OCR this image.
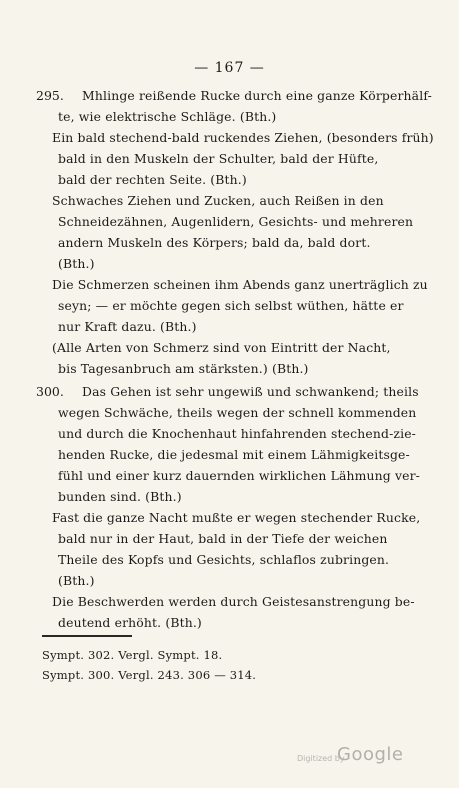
— 167 —
295.	Mhlinge reißende Rucke durch eine ganze Körperhälf-
te, wie elektrische Schläge. (Bth.)
Ein bald stechend-bald ruckendes Ziehen, (besonders früh)
bald in den Muskeln der Schulter, bald der Hüfte,
bald der rechten Seite. (Bth.)
Schwaches Ziehen und Zucken, auch Reißen in den
Schneidezähnen, Augenlidern, Gesichts- und mehreren
andern Muskeln des Körpers; bald da, bald dort.
(Bth.)
Die Schmerzen scheinen ihm Abends ganz unerträglich zu
seyn; — er möchte gegen sich selbst wüthen, hätte er
nur Kraft dazu. (Bth.)
(Alle Arten von Schmerz sind von Eintritt der Nacht,
bis Tagesanbruch am stärksten.) (Bth.)
300.	Das Gehen ist sehr ungewiß und schwankend; theils
wegen Schwäche, theils wegen der schnell kommenden
und durch die Knochenhaut hinfahrenden stechend-zie-
henden Rucke, die jedesmal mit einem Lähmigkeitsge-
fühl und einer kurz dauernden wirklichen Lähmung ver-
bunden sind. (Bth.)
Fast die ganze Nacht mußte er wegen stechender Rucke,
bald nur in der Haut, bald in der Tiefe der weichen
Theile des Kopfs und Gesichts, schlaflos zubringen.
(Bth.)
Die Beschwerden werden durch Geistesanstrengung be-
deutend erhöht. (Bth.)
Sympt. 302. Vergl. Sympt. 18.
Sympt. 300. Vergl. 243. 306 — 314.
Digitized by
Google
